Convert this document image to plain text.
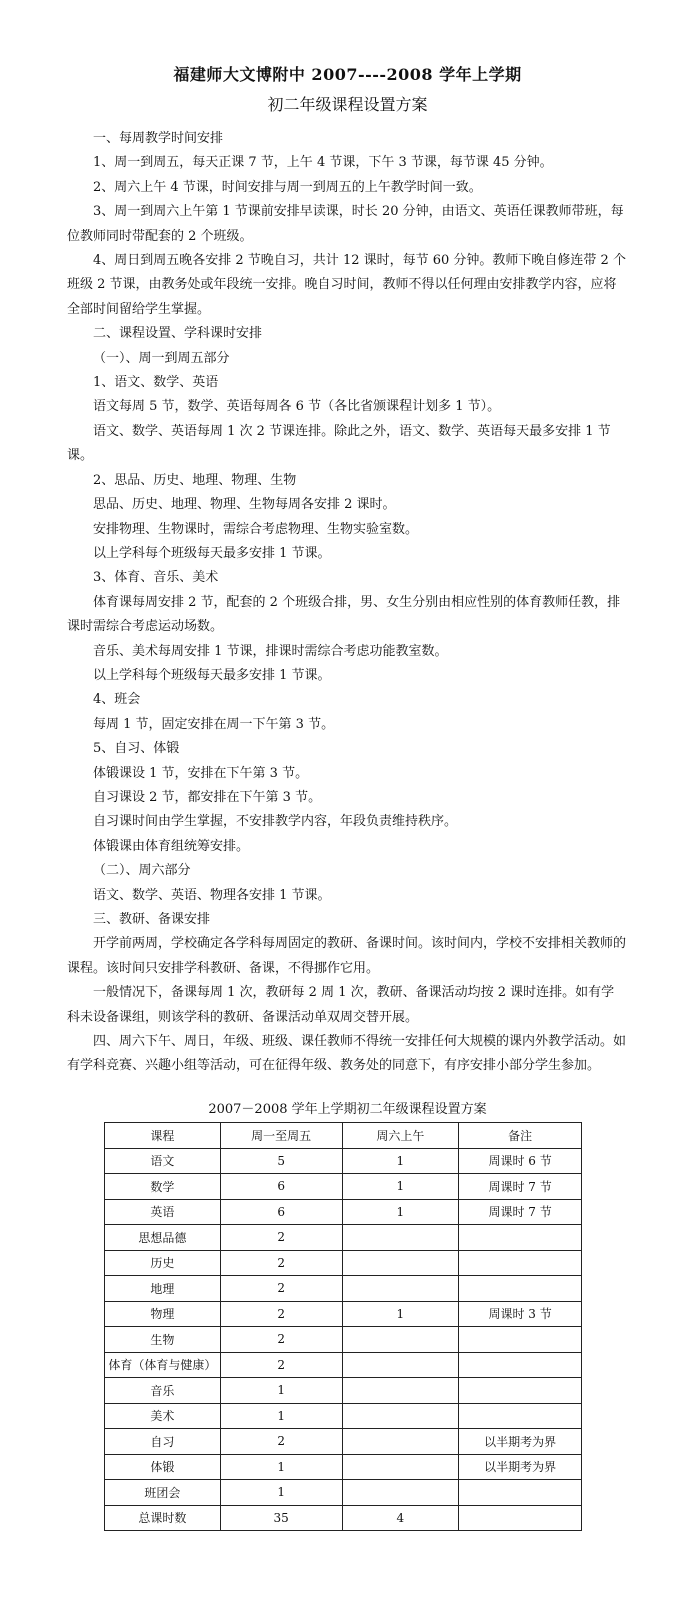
福建师大文博附中 2007----2008 学年上学期
初二年级课程设置方案

一、每周教学时间安排

1、周一到周五，每天正课 7 节，上午 4 节课，下午 3 节课，每节课 45 分钟。

2、周六上午 4 节课，时间安排与周一到周五的上午教学时间一致。

3、周一到周六上午第 1 节课前安排早读课，时长 20 分钟，由语文、英语任课教师带班，每位教师同时带配套的 2 个班级。

4、周日到周五晚各安排 2 节晚自习，共计 12 课时，每节 60 分钟。教师下晚自修连带 2 个班级 2 节课，由教务处或年段统一安排。晚自习时间，教师不得以任何理由安排教学内容，应将全部时间留给学生掌握。

二、课程设置、学科课时安排

（一）、周一到周五部分

1、语文、数学、英语

语文每周 5 节，数学、英语每周各 6 节（各比省颁课程计划多 1 节）。

语文、数学、英语每周 1 次 2 节课连排。除此之外，语文、数学、英语每天最多安排 1 节课。

2、思品、历史、地理、物理、生物

思品、历史、地理、物理、生物每周各安排 2 课时。

安排物理、生物课时，需综合考虑物理、生物实验室数。

以上学科每个班级每天最多安排 1 节课。

3、体育、音乐、美术

体育课每周安排 2 节，配套的 2 个班级合排，男、女生分别由相应性别的体育教师任教，排课时需综合考虑运动场数。

音乐、美术每周安排 1 节课，排课时需综合考虑功能教室数。

以上学科每个班级每天最多安排 1 节课。

4、班会

每周 1 节，固定安排在周一下午第 3 节。

5、自习、体锻

体锻课设 1 节，安排在下午第 3 节。

自习课设 2 节，都安排在下午第 3 节。

自习课时间由学生掌握，不安排教学内容，年段负责维持秩序。

体锻课由体育组统筹安排。

（二）、周六部分

语文、数学、英语、物理各安排 1 节课。

三、教研、备课安排

开学前两周，学校确定各学科每周固定的教研、备课时间。该时间内，学校不安排相关教师的课程。该时间只安排学科教研、备课，不得挪作它用。

一般情况下，备课每周 1 次，教研每 2 周 1 次，教研、备课活动均按 2 课时连排。如有学科未设备课组，则该学科的教研、备课活动单双周交替开展。

四、周六下午、周日，年级、班级、课任教师不得统一安排任何大规模的课内外教学活动。如有学科竞赛、兴趣小组等活动，可在征得年级、教务处的同意下，有序安排小部分学生参加。

2007－2008 学年上学期初二年级课程设置方案
课程	周一至周五	周六上午	备注
语文	5	1	周课时 6 节
数学	6	1	周课时 7 节
英语	6	1	周课时 7 节
思想品德	2		
历史	2		
地理	2		
物理	2	1	周课时 3 节
生物	2		
体育（体育与健康）	2		
音乐	1		
美术	1		
自习	2		以半期考为界
体锻	1		以半期考为界
班团会	1		
总课时数	35	4	
